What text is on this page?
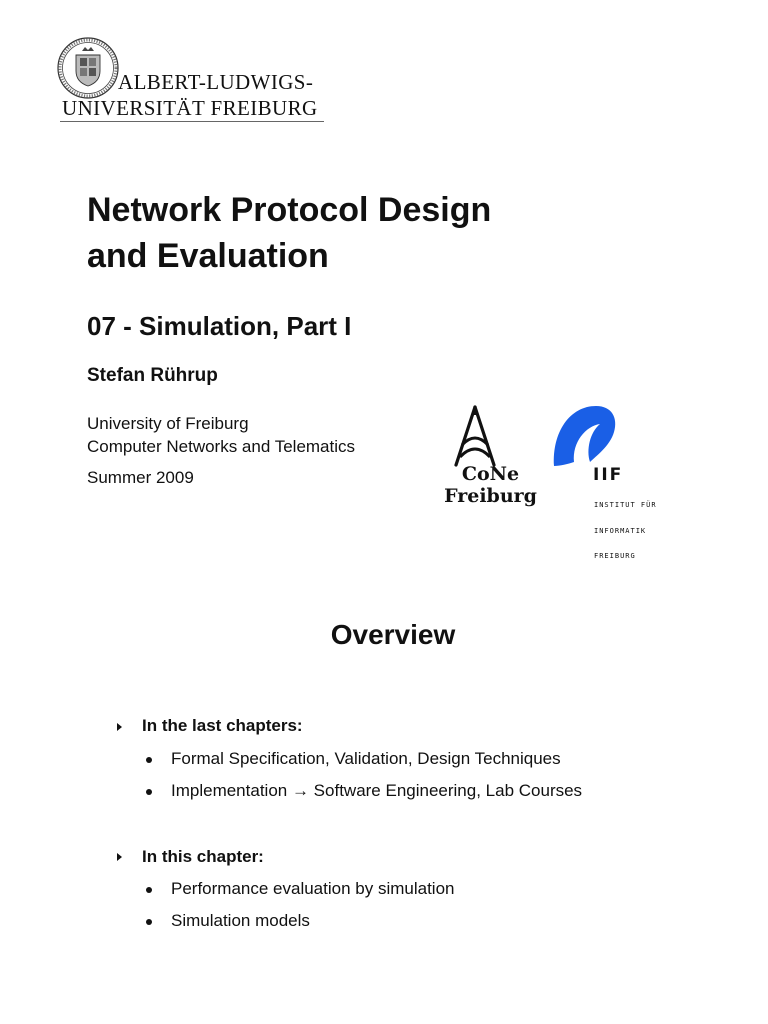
ALBERT-LUDWIGS-
UNIVERSITÄT FREIBURG
Network Protocol Design
and Evaluation
07 - Simulation, Part I
Stefan Rührup
University of Freiburg
Computer Networks and Telematics
Summer 2009	CoNe
Freiburg
IIF

INSTITUT FÜR

INFORMATIK

FREIBURG

Overview
In the last chapters:
Formal Specification, Validation, Design Techniques
Implementation → Software Engineering, Lab Courses
In this chapter:
Performance evaluation by simulation
Simulation models
